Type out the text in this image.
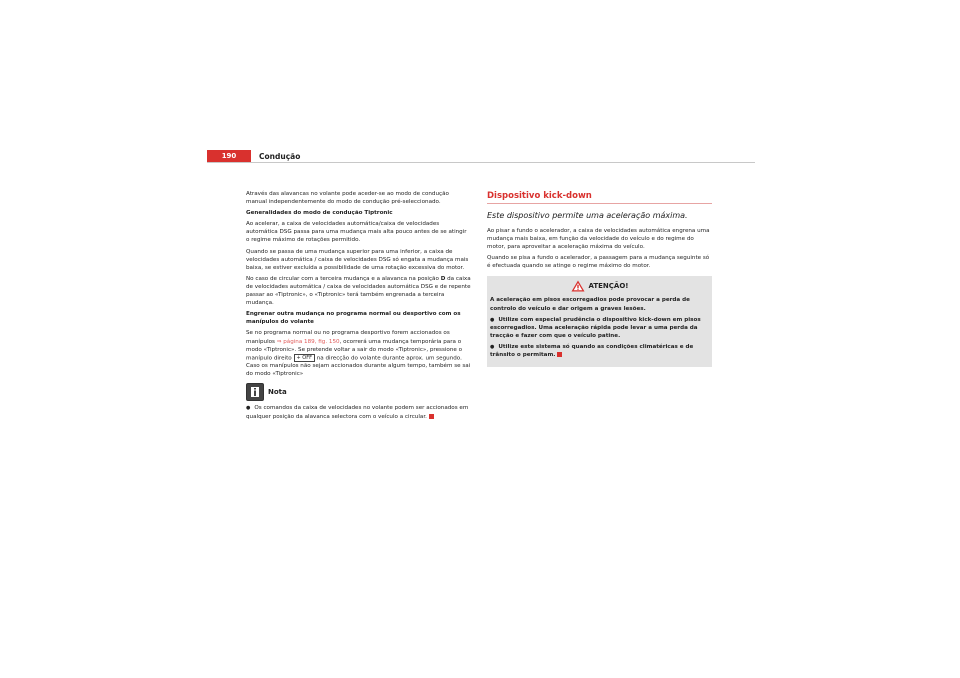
190	Condução

Através das alavancas no volante pode aceder-se ao modo de condução manual independentemente do modo de condução pré-seleccionado.

Generalidades do modo de condução Tiptronic

Ao acelerar, a caixa de velocidades automática/caixa de velocidades automática DSG passa para uma mudança mais alta pouco antes de se atingir o regime máximo de rotações permitido.

Quando se passa de uma mudança superior para uma inferior, a caixa de velocidades automática / caixa de velocidades DSG só engata a mudança mais baixa, se estiver excluída a possibilidade de uma rotação excessiva do motor.

No caso de circular com a terceira mudança e a alavanca na posição D da caixa de velocidades automática / caixa de velocidades automática DSG e de repente passar ao «Tiptronic», o «Tiptronic» terá também engrenada a terceira mudança.

Engrenar outra mudança no programa normal ou desportivo com os manípulos do volante

Se no programa normal ou no programa desportivo forem accionados os manípulos ⇒ página 189, fig. 150, ocorrerá uma mudança temporária para o modo «Tiptronic». Se pretende voltar a sair do modo «Tiptronic», pressione o manípulo direito + OFF na direcção do volante durante aprox. um segundo. Caso os manípulos não sejam accionados durante algum tempo, também se sai do modo «Tiptronic»

Nota

● Os comandos da caixa de velocidades no volante podem ser accionados em qualquer posição da alavanca selectora com o veículo a circular.

Dispositivo kick-down
Este dispositivo permite uma aceleração máxima.

Ao pisar a fundo o acelerador, a caixa de velocidades automática engrena uma mudança mais baixa, em função da velocidade do veículo e do regime do motor, para aproveitar a aceleração máxima do veículo.

Quando se pisa a fundo o acelerador, a passagem para a mudança seguinte só é efectuada quando se atinge o regime máximo do motor.

ATENÇÃO!

A aceleração em pisos escorregadios pode provocar a perda de controlo do veículo e dar origem a graves lesões.

● Utilize com especial prudência o dispositivo kick-down em pisos escorregadios. Uma aceleração rápida pode levar a uma perda da tracção e fazer com que o veículo patine.

● Utilize este sistema só quando as condições climatéricas e de trânsito o permitam.
